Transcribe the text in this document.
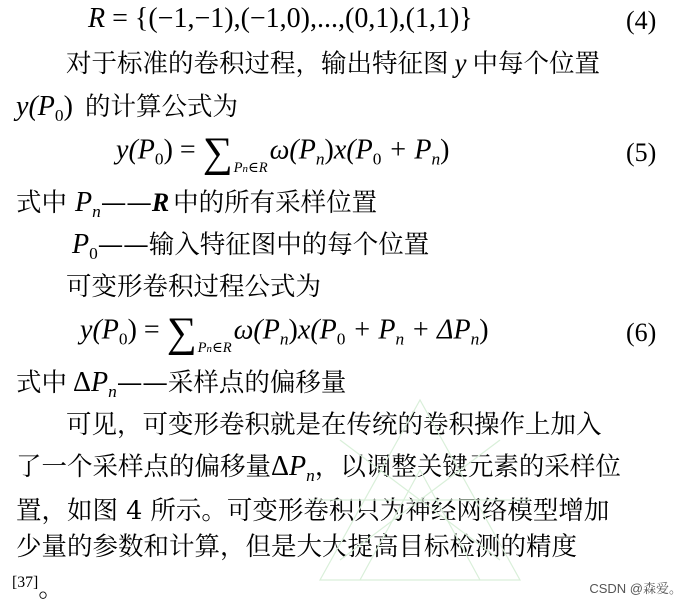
R = {(−1,−1),(−1,0),...,(0,1),(1,1)}	(4)
对于标准的卷积过程，输出特征图 y 中每个位置
$y(P_0)$ 的计算公式为
$y(P_0) = \sum_{Pn\in R}\omega(P_n)x(P_0 + P_n)$	(5)
式中 $P_n——R$ 中的所有采样位置
$P_0——$输入特征图中的每个位置
可变形卷积过程公式为
$y(P_0) = \sum_{Pn\in R}\omega(P_n)x(P_0 + P_n + \Delta P_n)$	(6)
式中 $\Delta P_n——$采样点的偏移量
可见，可变形卷积就是在传统的卷积操作上加入
了一个采样点的偏移量$\Delta P_n$，以调整关键元素的采样位
置，如图 4 所示。可变形卷积只为神经网络模型增加
少量的参数和计算，但是大大提高目标检测的精度
[37]。	CSDN @森爱。
